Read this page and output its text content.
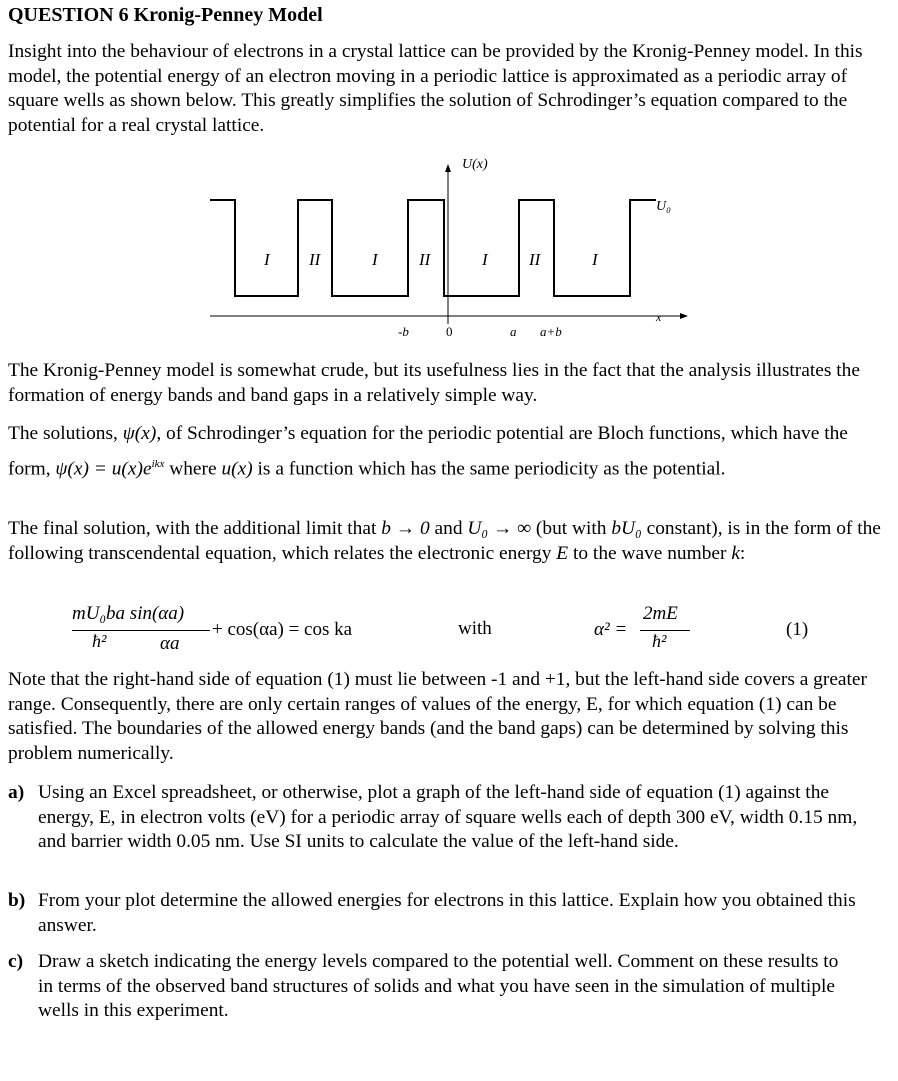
QUESTION 6 Kronig-Penney Model

Insight into the behaviour of electrons in a crystal lattice can be provided by the Kronig-Penney model. In this model, the potential energy of an electron moving in a periodic lattice is approximated as a periodic array of square wells as shown below. This greatly simplifies the solution of Schrodinger’s equation compared to the potential for a real crystal lattice.

U(x)
x
U₀
I II	I II	I II	I
-b	0	a a+b

The Kronig-Penney model is somewhat crude, but its usefulness lies in the fact that the analysis illustrates the formation of energy bands and band gaps in a relatively simple way.

The solutions, ψ(x), of Schrodinger’s equation for the periodic potential are Bloch functions, which have the form, $\psi(x) = u(x)e^{ikx}$ where u(x) is a function which has the same periodicity as the potential.

The final solution, with the additional limit that b → 0 and U₀ → ∞ (but with bU₀ constant), is in the form of the following transcendental equation, which relates the electronic energy E to the wave number k:

mU₀ba sin(αa)
ħ²	αa
+ cos(αa) = cos ka	with	α² =
2mE
ħ²
(1)

Note that the right-hand side of equation (1) must lie between -1 and +1, but the left-hand side covers a greater range. Consequently, there are only certain ranges of values of the energy, E, for which equation (1) can be satisfied. The boundaries of the allowed energy bands (and the band gaps) can be determined by solving this problem numerically.

a) Using an Excel spreadsheet, or otherwise, plot a graph of the left-hand side of equation (1) against the energy, E, in electron volts (eV) for a periodic array of square wells each of depth 300 eV, width 0.15 nm, and barrier width 0.05 nm. Use SI units to calculate the value of the left-hand side.
b) From your plot determine the allowed energies for electrons in this lattice. Explain how you obtained this answer.
c) Draw a sketch indicating the energy levels compared to the potential well. Comment on these results to in terms of the observed band structures of solids and what you have seen in the simulation of multiple wells in this experiment.
